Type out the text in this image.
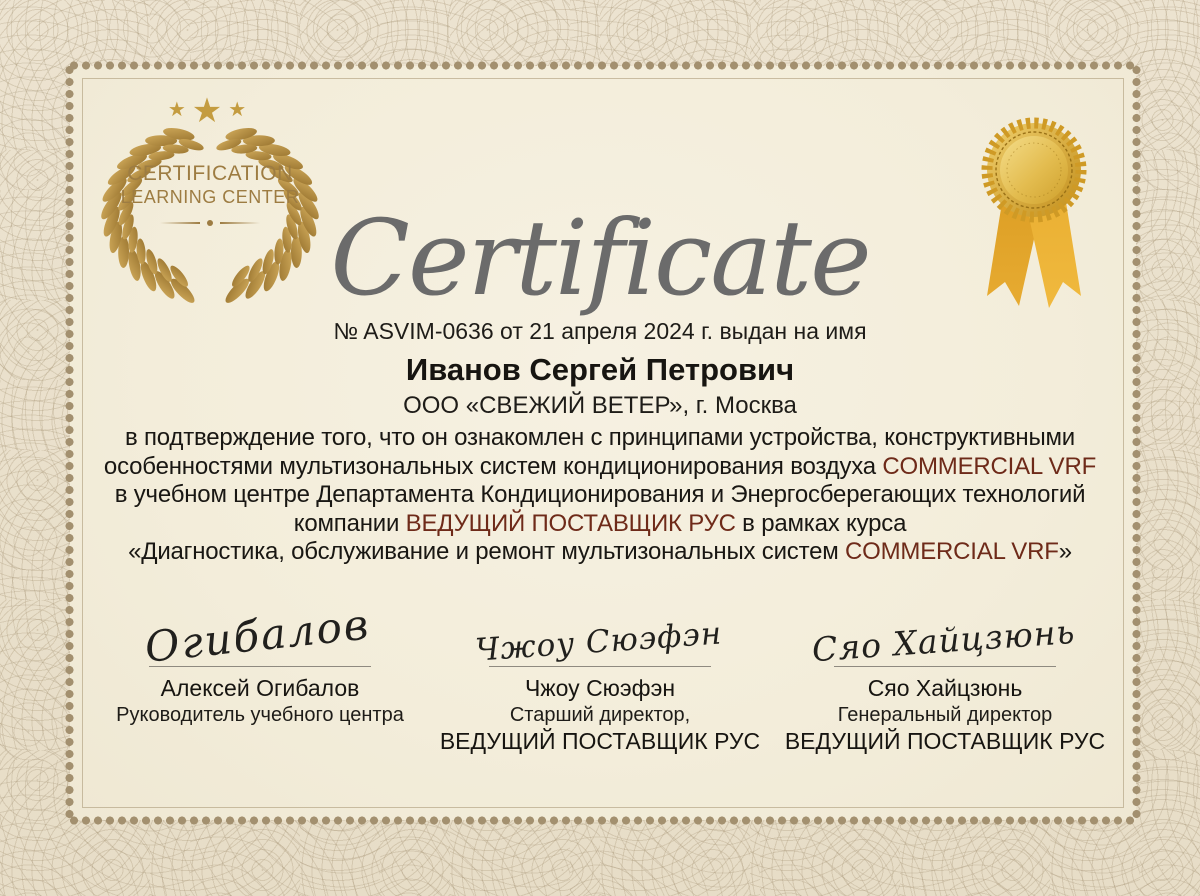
★★★
CERTIFICATION
LEARNING CENTER Certificate
№ ASVIM-0636 от 21 апреля 2024 г. выдан на имя
Иванов Сергей Петрович
ООО «СВЕЖИЙ ВЕТЕР», г. Москва
в подтверждение того, что он ознакомлен с принципами устройства, конструктивными
особенностями мультизональных систем кондиционирования воздуха COMMERCIAL VRF
в учебном центре Департамента Кондиционирования и Энергосберегающих технологий
компании ВЕДУЩИЙ ПОСТАВЩИК РУС в рамках курса
«Диагностика, обслуживание и ремонт мультизональных систем COMMERCIAL VRF»
Огибалов
Алексей Огибалов
Руководитель учебного центра
Чжоу Сюэфэн
Чжоу Сюэфэн
Старший директор,
ВЕДУЩИЙ ПОСТАВЩИК РУС
Сяо Хайцзюнь
Сяо Хайцзюнь
Генеральный директор
ВЕДУЩИЙ ПОСТАВЩИК РУС
